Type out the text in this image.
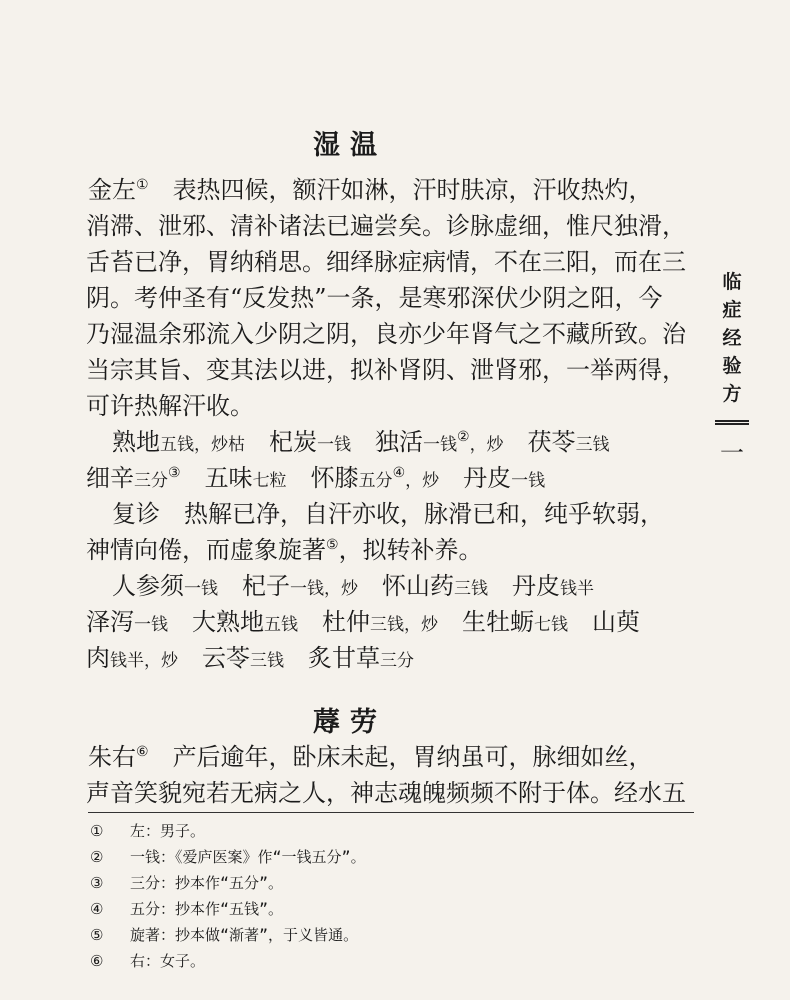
湿温
金左①　 表热四候，额汗如淋，汗时肤凉，汗收热灼，
消滞、泄邪、清补诸法已遍尝矣。诊脉虚细，惟尺独滑，
舌苔已净，胃纳稍思。细绎脉症病情，不在三阳，而在三
阴。考仲圣有“反发热”一条，是寒邪深伏少阴之阳，今
乃湿温余邪流入少阴之阴，良亦少年肾气之不藏所致。治
当宗其旨、变其法以进，拟补肾阴、泄肾邪，一举两得，
可许热解汗收。
熟地五钱，炒枯　 杞炭一钱　 独活一钱②，炒　 茯苓三钱
细辛三分③　 五味七粒　 怀膝五分④，炒　 丹皮一钱
复诊　热解已净，自汗亦收，脉滑已和，纯乎软弱，
神情向倦，而虚象旋著⑤，拟转补养。
人参须一钱　 杞子一钱，炒　 怀山药三钱　 丹皮钱半
泽泻一钱　 大熟地五钱　 杜仲三钱，炒　 生牡蛎七钱　 山萸
肉钱半，炒　 云苓三钱　 炙甘草三分
蓐劳
朱右⑥　 产后逾年，卧床未起，胃纳虽可，脉细如丝，
临
症
经
验
方
一
声音笑貌宛若无病之人，神志魂魄频频不附于体。经水五
① 左：男子。
② 一钱：《爱庐医案》作“一钱五分”。
③ 三分：抄本作“五分”。
④ 五分：抄本作“五钱”。
⑤ 旋著：抄本做“渐著”，于义皆通。
⑥ 右：女子。
